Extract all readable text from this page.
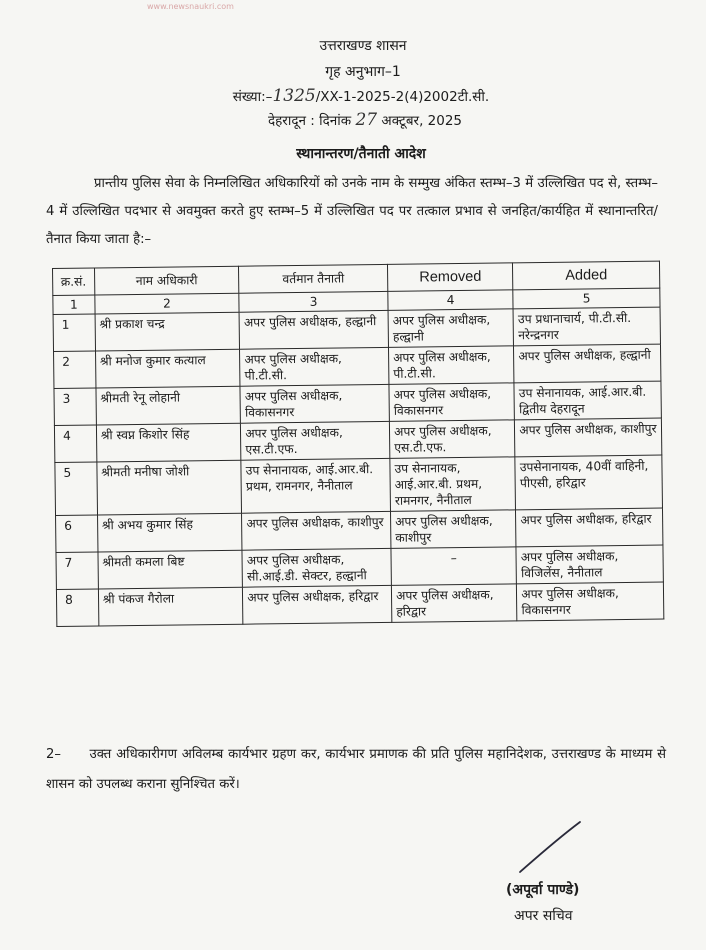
www.newsnaukri.com
उत्तराखण्ड शासन
गृह अनुभाग–1
संख्या:–1325/XX-1-2025-2(4)2002टी.सी.
देहरादून : दिनांक 27 अक्टूबर, 2025
स्थानान्तरण/तैनाती आदेश
प्रान्तीय पुलिस सेवा के निम्नलिखित अधिकारियों को उनके नाम के सम्मुख अंकित स्तम्भ–3 में उल्लिखित पद से, स्तम्भ–4 में उल्लिखित पदभार से अवमुक्त करते हुए स्तम्भ–5 में उल्लिखित पद पर तत्काल प्रभाव से जनहित/कार्यहित में स्थानान्तरित/तैनात किया जाता है:–
क्र.सं.	नाम अधिकारी	वर्तमान तैनाती	Removed	Added
1	2	3	4	5
1	श्री प्रकाश चन्द्र	अपर पुलिस अधीक्षक, हल्द्वानी	अपर पुलिस अधीक्षक, हल्द्वानी	उप प्रधानाचार्य, पी.टी.सी. नरेन्द्रनगर
2	श्री मनोज कुमार कत्याल	अपर पुलिस अधीक्षक, पी.टी.सी.	अपर पुलिस अधीक्षक, पी.टी.सी.	अपर पुलिस अधीक्षक, हल्द्वानी
3	श्रीमती रेनू लोहानी	अपर पुलिस अधीक्षक, विकासनगर	अपर पुलिस अधीक्षक, विकासनगर	उप सेनानायक, आई.आर.बी. द्वितीय देहरादून
4	श्री स्वप्न किशोर सिंह	अपर पुलिस अधीक्षक, एस.टी.एफ.	अपर पुलिस अधीक्षक, एस.टी.एफ.	अपर पुलिस अधीक्षक, काशीपुर
5	श्रीमती मनीषा जोशी	उप सेनानायक, आई.आर.बी. प्रथम, रामनगर, नैनीताल	उप सेनानायक, आई.आर.बी. प्रथम, रामनगर, नैनीताल	उपसेनानायक, 40वीं वाहिनी, पीएसी, हरिद्वार
6	श्री अभय कुमार सिंह	अपर पुलिस अधीक्षक, काशीपुर	अपर पुलिस अधीक्षक, काशीपुर	अपर पुलिस अधीक्षक, हरिद्वार
7	श्रीमती कमला बिष्ट	अपर पुलिस अधीक्षक, सी.आई.डी. सेक्टर, हल्द्वानी	–	अपर पुलिस अधीक्षक, विजिलेंस, नैनीताल
8	श्री पंकज गैरोला	अपर पुलिस अधीक्षक, हरिद्वार	अपर पुलिस अधीक्षक, हरिद्वार	अपर पुलिस अधीक्षक, विकासनगर
2– उक्त अधिकारीगण अविलम्ब कार्यभार ग्रहण कर, कार्यभार प्रमाणक की प्रति पुलिस महानिदेशक, उत्तराखण्ड के माध्यम से शासन को उपलब्ध कराना सुनिश्चित करें।
(अपूर्वा पाण्डे)
अपर सचिव
